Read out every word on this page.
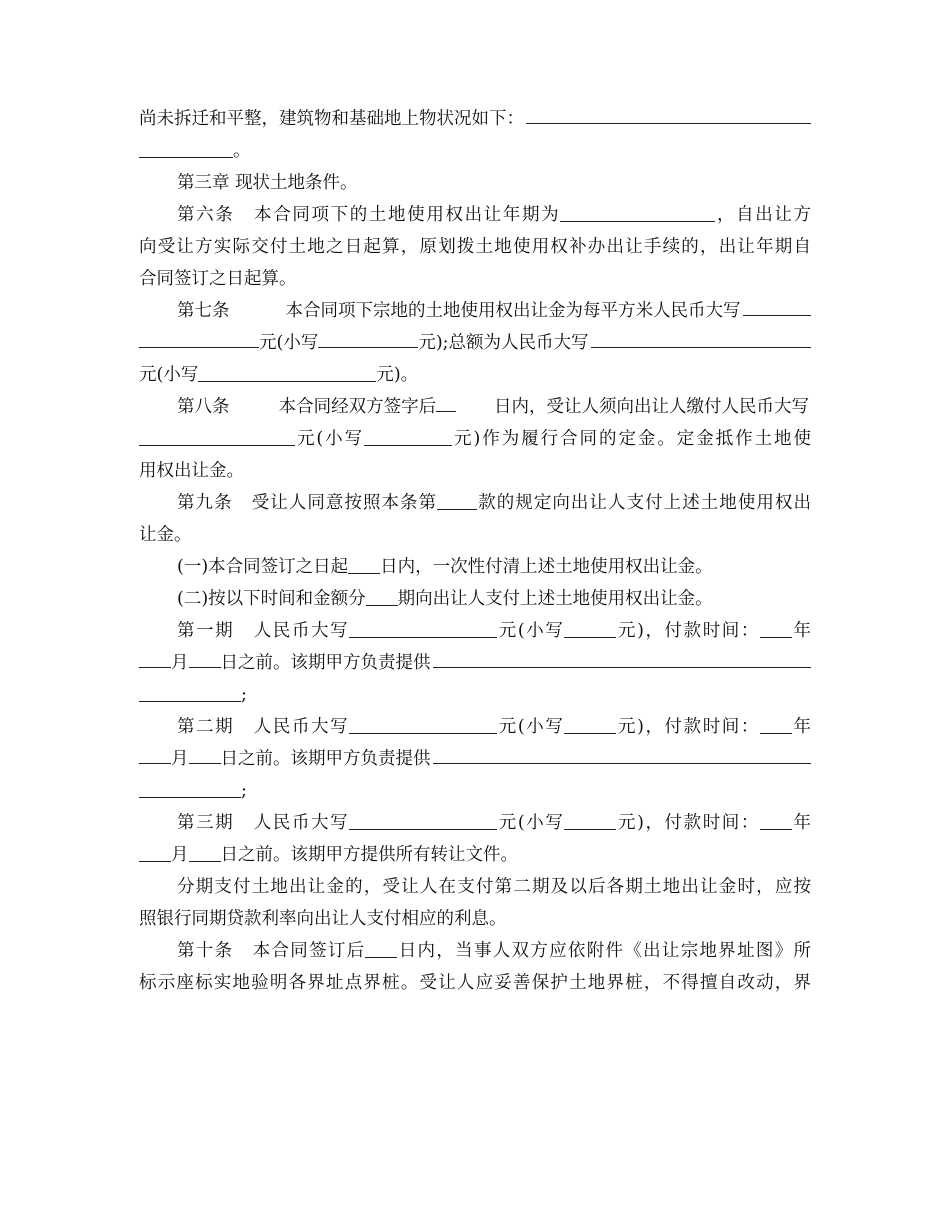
尚未拆迁和平整，建筑物和基础地上物状况如下：
。
第三章 现状土地条件。
第六条 本合同项下的土地使用权出让年期为	，自出让方
向受让方实际交付土地之日起算，原划拨土地使用权补办出让手续的，出让年期自
合同签订之日起算。
第七条	本合同项下宗地的土地使用权出让金为每平方米人民币大写
元(小写	元);总额为人民币大写
元(小写	元)。
第八条	本合同经双方签字后	日内，受让人须向出让人缴付人民币大写
元(小写	元)作为履行合同的定金。定金抵作土地使
用权出让金。
第九条 受让人同意按照本条第 款的规定向出让人支付上述土地使用权出
让金。
(一)本合同签订之日起 日内，一次性付清上述土地使用权出让金。
(二)按以下时间和金额分 期向出让人支付上述土地使用权出让金。
第一期 人民币大写	元(小写	元)，付款时间： 年
月 日之前。该期甲方负责提供
;
第二期 人民币大写	元(小写	元)，付款时间： 年
月 日之前。该期甲方负责提供
;
第三期 人民币大写	元(小写	元)，付款时间： 年
月 日之前。该期甲方提供所有转让文件。
分期支付土地出让金的，受让人在支付第二期及以后各期土地出让金时，应按
照银行同期贷款利率向出让人支付相应的利息。
第十条 本合同签订后 日内，当事人双方应依附件《出让宗地界址图》所
标示座标实地验明各界址点界桩。受让人应妥善保护土地界桩，不得擅自改动，界
